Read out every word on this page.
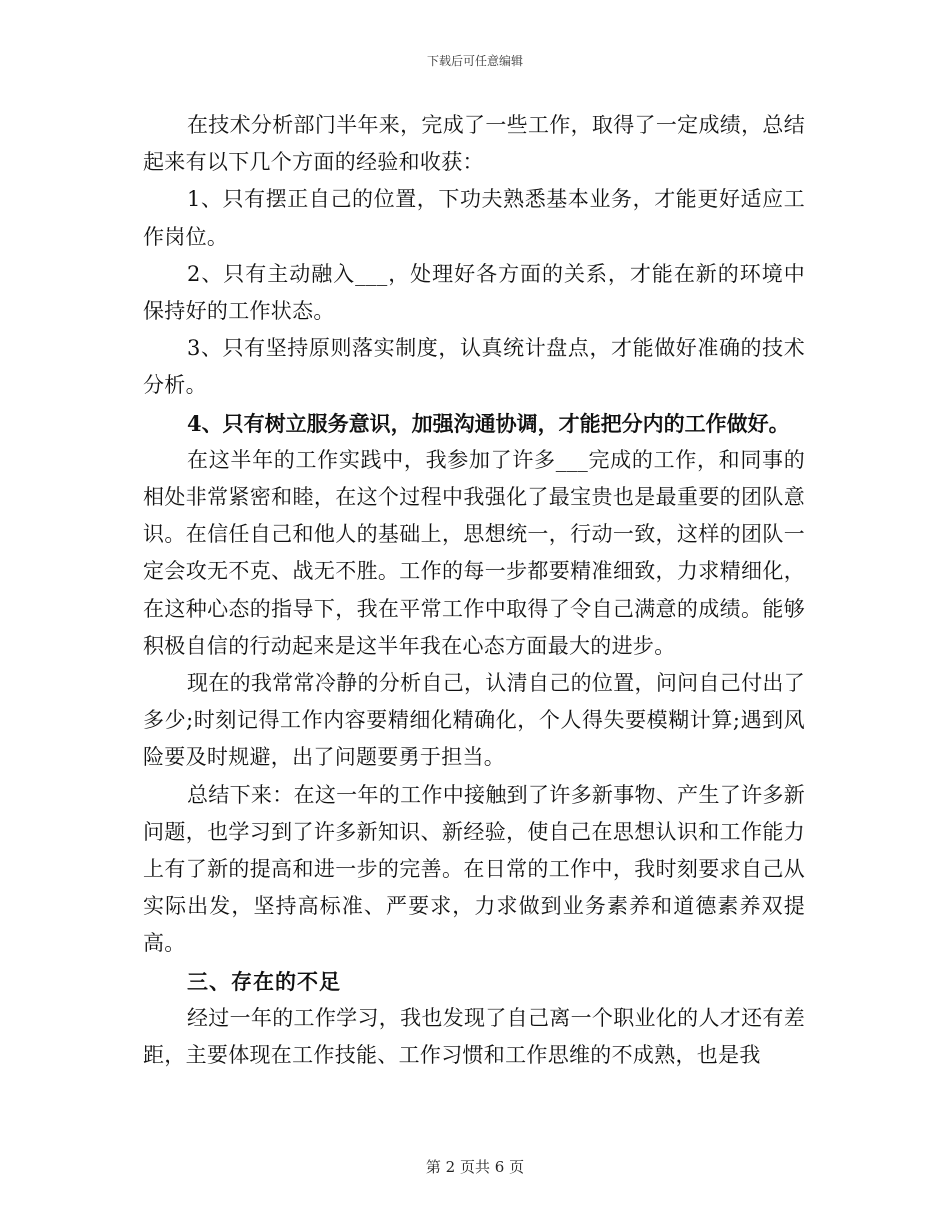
下载后可任意编辑

在技术分析部门半年来，完成了一些工作，取得了一定成绩，总结起来有以下几个方面的经验和收获：

1、只有摆正自己的位置，下功夫熟悉基本业务，才能更好适应工作岗位。

2、只有主动融入___，处理好各方面的关系，才能在新的环境中保持好的工作状态。

3、只有坚持原则落实制度，认真统计盘点，才能做好准确的技术分析。

4、只有树立服务意识，加强沟通协调，才能把分内的工作做好。

在这半年的工作实践中，我参加了许多___完成的工作，和同事的相处非常紧密和睦，在这个过程中我强化了最宝贵也是最重要的团队意识。在信任自己和他人的基础上，思想统一，行动一致，这样的团队一定会攻无不克、战无不胜。工作的每一步都要精准细致，力求精细化，在这种心态的指导下，我在平常工作中取得了令自己满意的成绩。能够积极自信的行动起来是这半年我在心态方面最大的进步。

现在的我常常冷静的分析自己，认清自己的位置，问问自己付出了多少;时刻记得工作内容要精细化精确化，个人得失要模糊计算;遇到风险要及时规避，出了问题要勇于担当。

总结下来：在这一年的工作中接触到了许多新事物、产生了许多新问题，也学习到了许多新知识、新经验，使自己在思想认识和工作能力上有了新的提高和进一步的完善。在日常的工作中，我时刻要求自己从实际出发，坚持高标准、严要求，力求做到业务素养和道德素养双提高。

三、存在的不足

经过一年的工作学习，我也发现了自己离一个职业化的人才还有差距，主要体现在工作技能、工作习惯和工作思维的不成熟，也是我

第 2 页共 6 页
